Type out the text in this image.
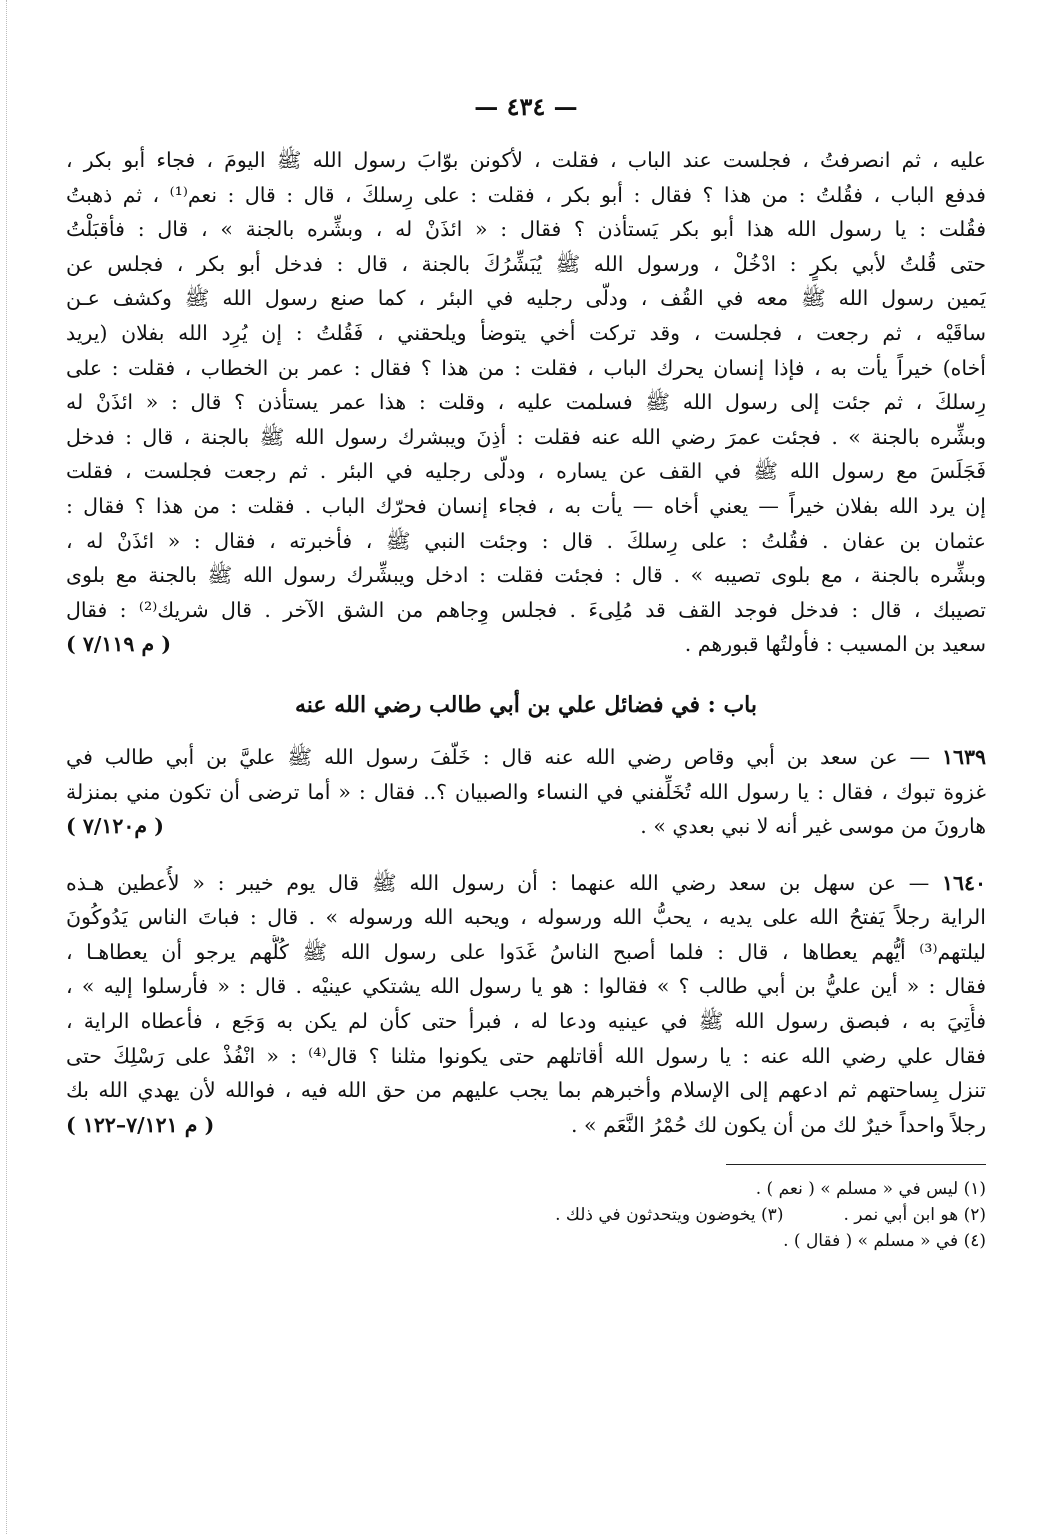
— ٤٣٤ —
عليه ، ثم انصرفتُ ، فجلست عند الباب ، فقلت ، لأكونن بوّابَ رسول الله ﷺ اليومَ ، فجاء أبو بكر ،
فدفع الباب ، فقُلتُ : من هذا ؟ فقال : أبو بكر ، فقلت : على رِسلكَ ، قال : قال : نعم⁽¹⁾ ، ثم ذهبتُ
فقُلت : يا رسول الله هذا أبو بكر يَستأذن ؟ فقال : « ائذَنْ له ، وبشِّره بالجنة » ، قال : فأقبَلْتُ
حتى قُلتُ لأبي بكرٍ : ادْخُلْ ، ورسول الله ﷺ يُبَشِّرُكَ بالجنة ، قال : فدخل أبو بكر ، فجلس عن
يَمين رسول الله ﷺ معه في القُف ، ودلّى رجليه في البئر ، كما صنع رسول الله ﷺ وكشف عـن
ساقَيْه ، ثم رجعت ، فجلست ، وقد تركت أخي يتوضأ ويلحقني ، فَقُلتُ : إن يُرِد الله بفلان (يريد
أخاه) خيراً يأت به ، فإذا إنسان يحرك الباب ، فقلت : من هذا ؟ فقال : عمر بن الخطاب ، فقلت : على
رِسلكَ ، ثم جئت إلى رسول الله ﷺ فسلمت عليه ، وقلت : هذا عمر يستأذن ؟ قال : « ائذَنْ له
وبشِّره بالجنة » . فجئت عمرَ رضي الله عنه فقلت : أذِنَ ويبشرك رسول الله ﷺ بالجنة ، قال : فدخل
فَجَلَسَ مع رسول الله ﷺ في القف عن يساره ، ودلّى رجليه في البئر . ثم رجعت فجلست ، فقلت
إن يرد الله بفلان خيراً — يعني أخاه — يأت به ، فجاء إنسان فحرّك الباب . فقلت : من هذا ؟ فقال :
عثمان بن عفان . فقُلتُ : على رِسلكَ . قال : وجئت النبي ﷺ ، فأخبرته ، فقال : « ائذَنْ له ،
وبشِّره بالجنة ، مع بلوى تصيبه » . قال : فجئت فقلت : ادخل ويبشِّرك رسول الله ﷺ بالجنة مع بلوى
تصيبك ، قال : فدخل فوجد القف قد مُلِىءَ . فجلس وِجاهم من الشق الآخر . قال شريك⁽²⁾ : فقال
سعيد بن المسيب : فأولتُها قبورهم .
( م ٧/١١٩ )
باب : في فضائل علي بن أبي طالب رضي الله عنه
١٦٣٩ — عن سعد بن أبي وقاص رضي الله عنه قال : خَلّفَ رسول الله ﷺ عليَّ بن أبي طالب في
غزوة تبوك ، فقال : يا رسول الله تُخَلِّفني في النساء والصبيان ؟.. فقال : « أما ترضى أن تكون مني بمنزلة
هارونَ من موسى غير أنه لا نبي بعدي » .
( م٧/١٢٠ )
١٦٤٠ — عن سهل بن سعد رضي الله عنهما : أن رسول الله ﷺ قال يوم خيبر : « لأُعطين هـذه
الراية رجلاً يَفتحُ الله على يديه ، يحبُّ الله ورسوله ، ويحبه الله ورسوله » . قال : فباتَ الناس يَدُوكُونَ
ليلتهم⁽³⁾ أيُّهم يعطاها ، قال : فلما أصبح الناسُ غَدَوا على رسول الله ﷺ كُلُّهم يرجو أن يعطاهـا ،
فقال : « أين عليُّ بن أبي طالب ؟ » فقالوا : هو يا رسول الله يشتكي عينيْه . قال : « فأرسلوا إليه » ،
فأُتِيَ به ، فبصق رسول الله ﷺ في عينيه ودعا له ، فبرأ حتى كأن لم يكن به وَجَع ، فأعطاه الراية ،
فقال علي رضي الله عنه : يا رسول الله أقاتلهم حتى يكونوا مثلنا ؟ قال⁽⁴⁾ : « انْفُذْ على رَسْلِكَ حتى
تنزل بِساحتهم ثم ادعهم إلى الإسلام وأخبرهم بما يجب عليهم من حق الله فيه ، فوالله لأن يهدي الله بك
رجلاً واحداً خيرٌ لك من أن يكون لك حُمْرُ النَّعَم » .
( م ٧/١٢١–١٢٢ )
(١) ليس في « مسلم » ( نعم ) .
(٢) هو ابن أبي نمر .
(٣) يخوضون ويتحدثون في ذلك .
(٤) في « مسلم » ( فقال ) .
